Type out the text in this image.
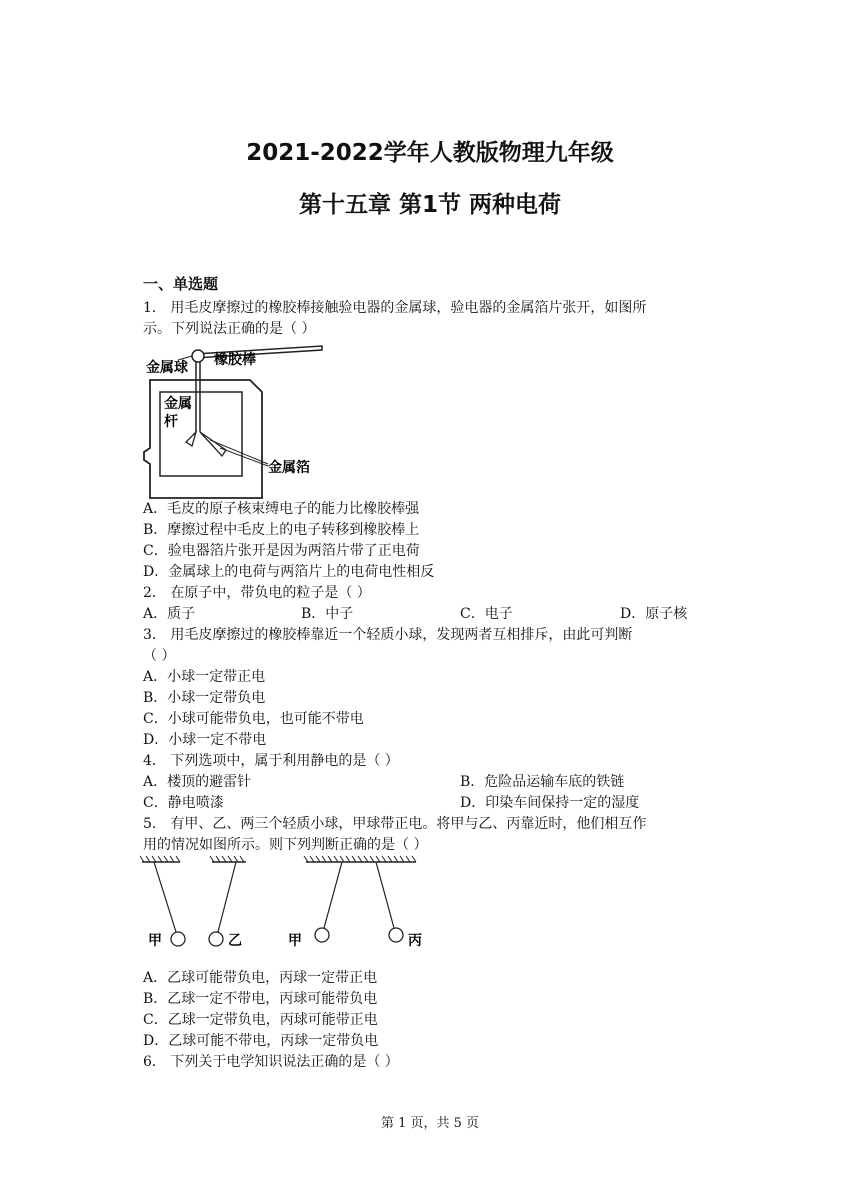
2021-2022学年人教版物理九年级
第十五章 第1节 两种电荷
一、单选题
1． 用毛皮摩擦过的橡胶棒接触验电器的金属球，验电器的金属箔片张开，如图所
示。下列说法正确的是（ ）
金属球 橡胶棒
金属
杆
金属箔
A．毛皮的原子核束缚电子的能力比橡胶棒强
B．摩擦过程中毛皮上的电子转移到橡胶棒上
C．验电器箔片张开是因为两箔片带了正电荷
D．金属球上的电荷与两箔片上的电荷电性相反
2． 在原子中，带负电的粒子是（ ）
A．质子	B．中子	C．电子	D．原子核
3． 用毛皮摩擦过的橡胶棒靠近一个轻质小球，发现两者互相排斥，由此可判断
（ ）
A．小球一定带正电
B．小球一定带负电
C．小球可能带负电，也可能不带电
D．小球一定不带电
4． 下列选项中，属于利用静电的是（ ）
A．楼顶的避雷针	B．危险品运输车底的铁链
C．静电喷漆	D．印染车间保持一定的湿度
5． 有甲、乙、两三个轻质小球，甲球带正电。将甲与乙、丙靠近时，他们相互作
用的情况如图所示。则下列判断正确的是（ ）
甲	乙	甲	丙
A．乙球可能带负电，丙球一定带正电
B．乙球一定不带电，丙球可能带负电
C．乙球一定带负电，丙球可能带正电
D．乙球可能不带电，丙球一定带负电
6． 下列关于电学知识说法正确的是（ ）
第 1 页，共 5 页
